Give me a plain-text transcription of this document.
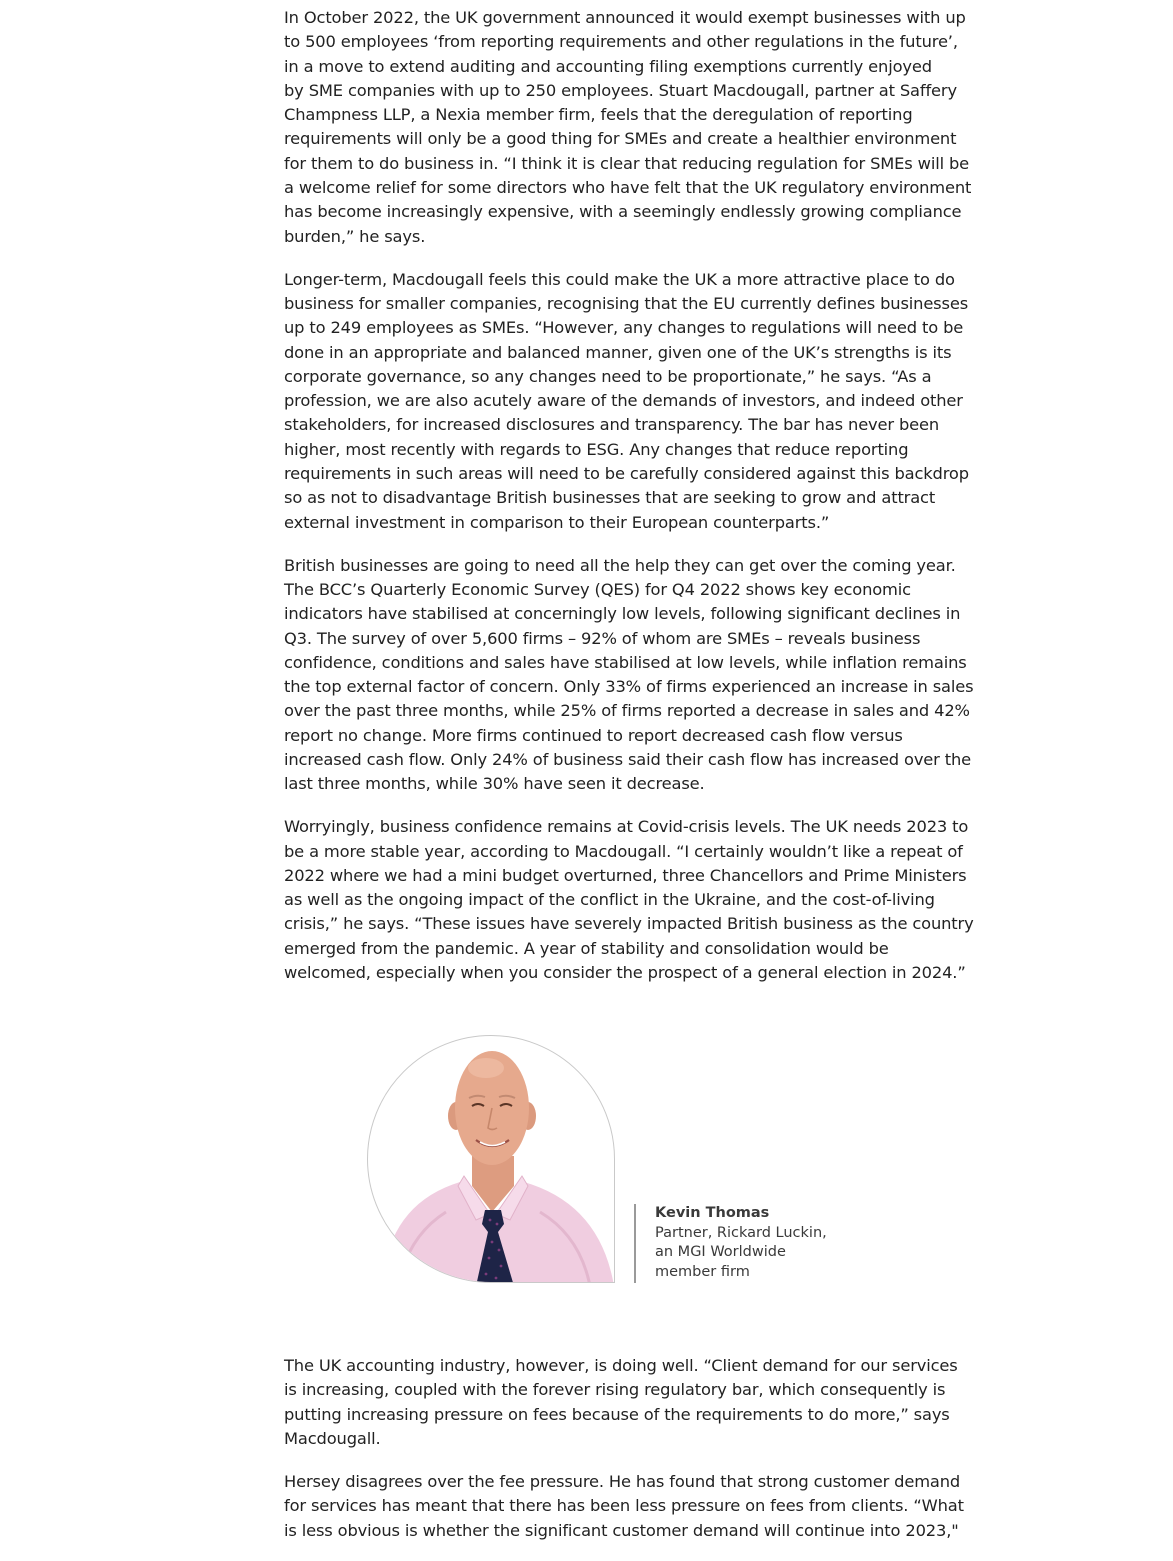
In October 2022, the UK government announced it would exempt businesses with up
to 500 employees ‘from reporting requirements and other regulations in the future’,
in a move to extend auditing and accounting filing exemptions currently enjoyed
by SME companies with up to 250 employees. Stuart Macdougall, partner at Saffery
Champness LLP, a Nexia member firm, feels that the deregulation of reporting
requirements will only be a good thing for SMEs and create a healthier environment
for them to do business in. “I think it is clear that reducing regulation for SMEs will be
a welcome relief for some directors who have felt that the UK regulatory environment
has become increasingly expensive, with a seemingly endlessly growing compliance
burden,” he says.

Longer-term, Macdougall feels this could make the UK a more attractive place to do
business for smaller companies, recognising that the EU currently defines businesses
up to 249 employees as SMEs. “However, any changes to regulations will need to be
done in an appropriate and balanced manner, given one of the UK’s strengths is its
corporate governance, so any changes need to be proportionate,” he says. “As a
profession, we are also acutely aware of the demands of investors, and indeed other
stakeholders, for increased disclosures and transparency. The bar has never been
higher, most recently with regards to ESG. Any changes that reduce reporting
requirements in such areas will need to be carefully considered against this backdrop
so as not to disadvantage British businesses that are seeking to grow and attract
external investment in comparison to their European counterparts.”

British businesses are going to need all the help they can get over the coming year.
The BCC’s Quarterly Economic Survey (QES) for Q4 2022 shows key economic
indicators have stabilised at concerningly low levels, following significant declines in
Q3. The survey of over 5,600 firms – 92% of whom are SMEs – reveals business
confidence, conditions and sales have stabilised at low levels, while inflation remains
the top external factor of concern. Only 33% of firms experienced an increase in sales
over the past three months, while 25% of firms reported a decrease in sales and 42%
report no change. More firms continued to report decreased cash flow versus
increased cash flow. Only 24% of business said their cash flow has increased over the
last three months, while 30% have seen it decrease.

Worryingly, business confidence remains at Covid-crisis levels. The UK needs 2023 to
be a more stable year, according to Macdougall. “I certainly wouldn’t like a repeat of
2022 where we had a mini budget overturned, three Chancellors and Prime Ministers
as well as the ongoing impact of the conflict in the Ukraine, and the cost-of-living
crisis,” he says. “These issues have severely impacted British business as the country
emerged from the pandemic. A year of stability and consolidation would be
welcomed, especially when you consider the prospect of a general election in 2024.”

Kevin Thomas
Partner, Rickard Luckin,
an MGI Worldwide
member firm

The UK accounting industry, however, is doing well. “Client demand for our services
is increasing, coupled with the forever rising regulatory bar, which consequently is
putting increasing pressure on fees because of the requirements to do more,” says
Macdougall.

Hersey disagrees over the fee pressure. He has found that strong customer demand
for services has meant that there has been less pressure on fees from clients. “What
is less obvious is whether the significant customer demand will continue into 2023,"
